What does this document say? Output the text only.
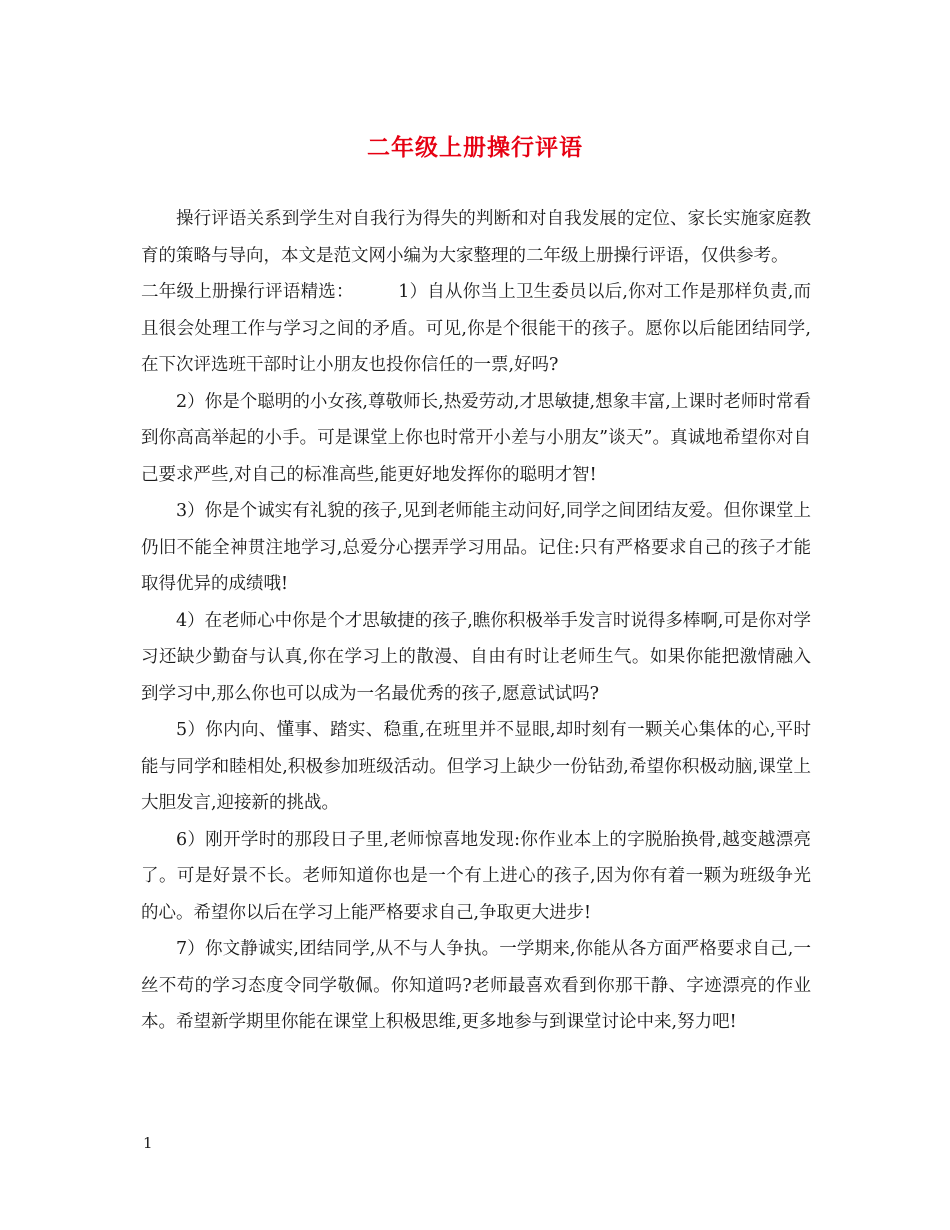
二年级上册操行评语

操行评语关系到学生对自我行为得失的判断和对自我发展的定位、家长实施家庭教育的策略与导向，本文是范文网小编为大家整理的二年级上册操行评语，仅供参考。

二年级上册操行评语精选：　　　1）自从你当上卫生委员以后,你对工作是那样负责,而且很会处理工作与学习之间的矛盾。可见,你是个很能干的孩子。愿你以后能团结同学,在下次评选班干部时让小朋友也投你信任的一票,好吗?

2）你是个聪明的小女孩,尊敬师长,热爱劳动,才思敏捷,想象丰富,上课时老师时常看到你高高举起的小手。可是课堂上你也时常开小差与小朋友”谈天”。真诚地希望你对自己要求严些,对自己的标准高些,能更好地发挥你的聪明才智!

3）你是个诚实有礼貌的孩子,见到老师能主动问好,同学之间团结友爱。但你课堂上仍旧不能全神贯注地学习,总爱分心摆弄学习用品。记住:只有严格要求自己的孩子才能取得优异的成绩哦!

4）在老师心中你是个才思敏捷的孩子,瞧你积极举手发言时说得多棒啊,可是你对学习还缺少勤奋与认真,你在学习上的散漫、自由有时让老师生气。如果你能把激情融入到学习中,那么你也可以成为一名最优秀的孩子,愿意试试吗?

5）你内向、懂事、踏实、稳重,在班里并不显眼,却时刻有一颗关心集体的心,平时能与同学和睦相处,积极参加班级活动。但学习上缺少一份钻劲,希望你积极动脑,课堂上大胆发言,迎接新的挑战。

6）刚开学时的那段日子里,老师惊喜地发现:你作业本上的字脱胎换骨,越变越漂亮了。可是好景不长。老师知道你也是一个有上进心的孩子,因为你有着一颗为班级争光的心。希望你以后在学习上能严格要求自己,争取更大进步!

7）你文静诚实,团结同学,从不与人争执。一学期来,你能从各方面严格要求自己,一丝不苟的学习态度令同学敬佩。你知道吗?老师最喜欢看到你那干静、字迹漂亮的作业本。希望新学期里你能在课堂上积极思维,更多地参与到课堂讨论中来,努力吧!

1
